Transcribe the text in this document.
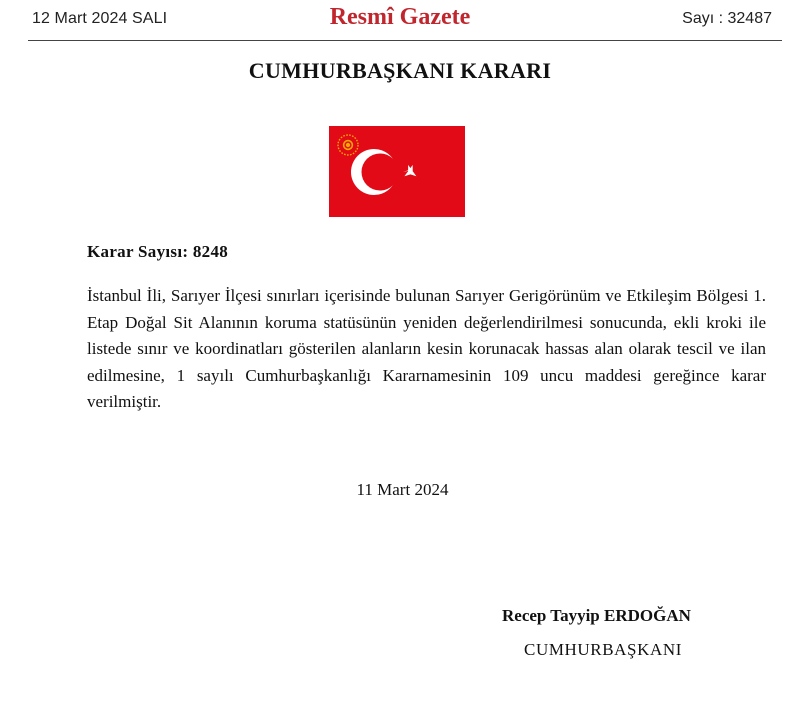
12 Mart 2024 SALI	Resmî Gazete	Sayı : 32487
CUMHURBAŞKANI KARARI
Karar Sayısı: 8248
İstanbul İli, Sarıyer İlçesi sınırları içerisinde bulunan Sarıyer Gerigörünüm ve Etkileşim Bölgesi 1. Etap Doğal Sit Alanının koruma statüsünün yeniden değerlendirilmesi sonucunda, ekli kroki ile listede sınır ve koordinatları gösterilen alanların kesin korunacak hassas alan olarak tescil ve ilan edilmesine, 1 sayılı Cumhurbaşkanlığı Kararnamesinin 109 uncu maddesi gereğince karar verilmiştir.
11 Mart 2024
Recep Tayyip ERDOĞAN
CUMHURBAŞKANI
